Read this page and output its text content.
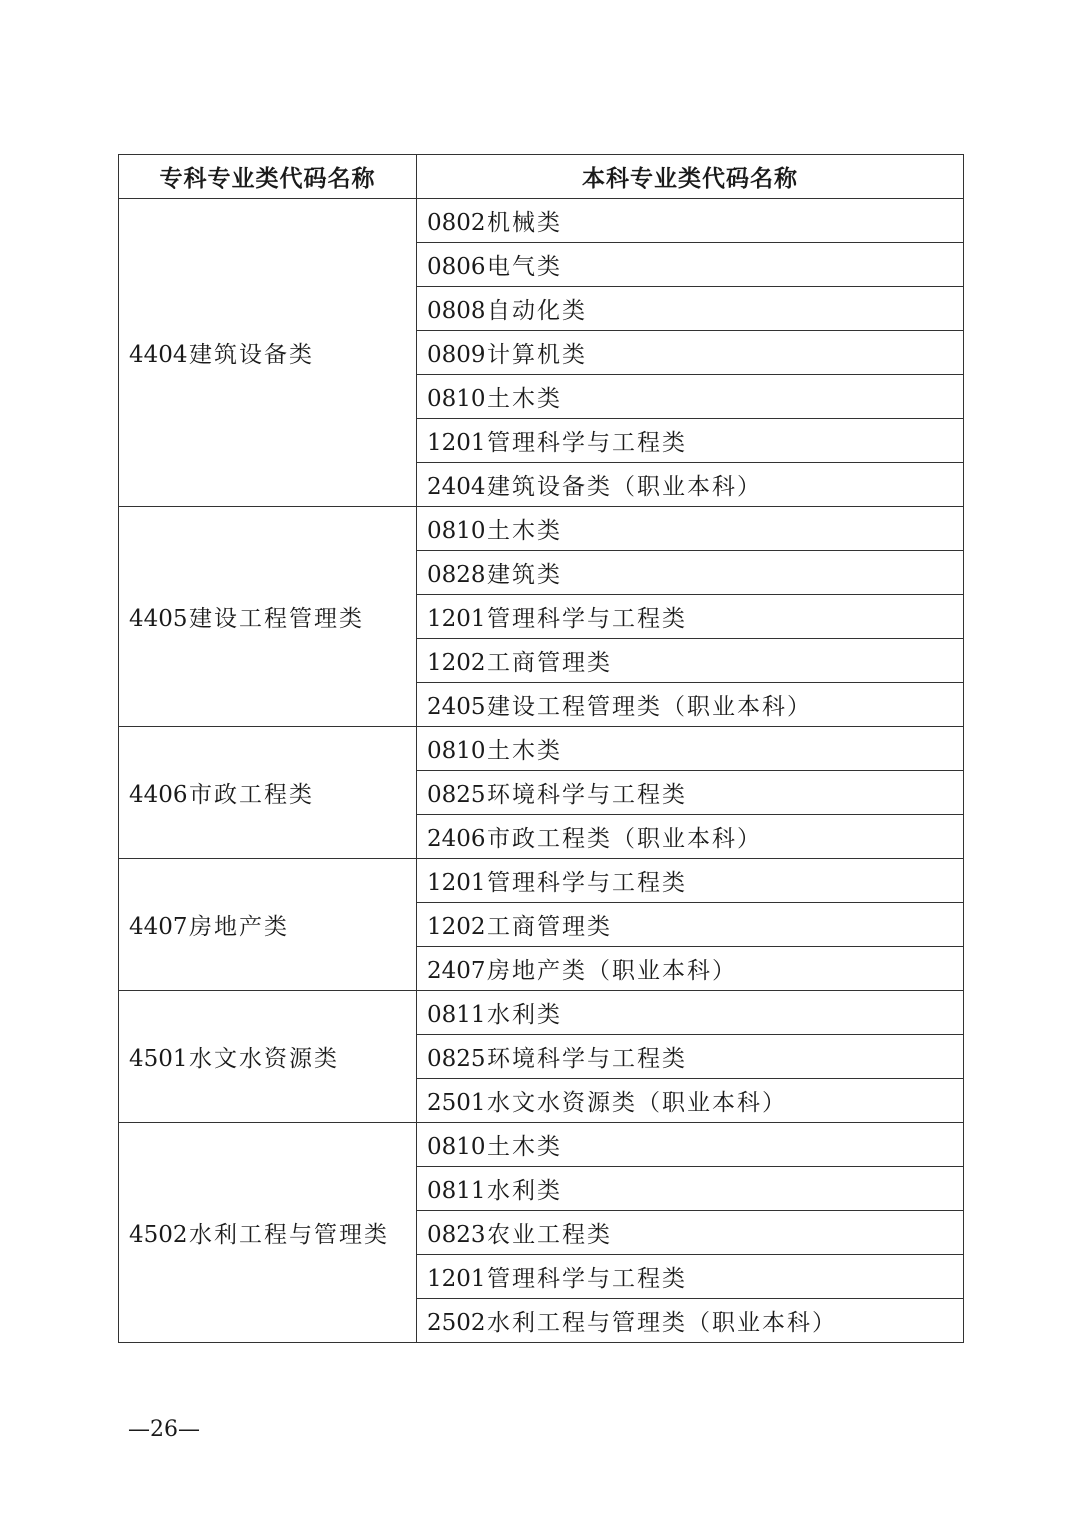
专科专业类代码名称	本科专业类代码名称
4404建筑设备类	0802机械类
	0806电气类
	0808自动化类
	0809计算机类
	0810土木类
	1201管理科学与工程类
	2404建筑设备类（职业本科）
4405建设工程管理类	0810土木类
	0828建筑类
	1201管理科学与工程类
	1202工商管理类
	2405建设工程管理类（职业本科）
4406市政工程类	0810土木类
	0825环境科学与工程类
	2406市政工程类（职业本科）
4407房地产类	1201管理科学与工程类
	1202工商管理类
	2407房地产类（职业本科）
4501水文水资源类	0811水利类
	0825环境科学与工程类
	2501水文水资源类（职业本科）
4502水利工程与管理类	0810土木类
	0811水利类
	0823农业工程类
	1201管理科学与工程类
	2502水利工程与管理类（职业本科）
—26—
